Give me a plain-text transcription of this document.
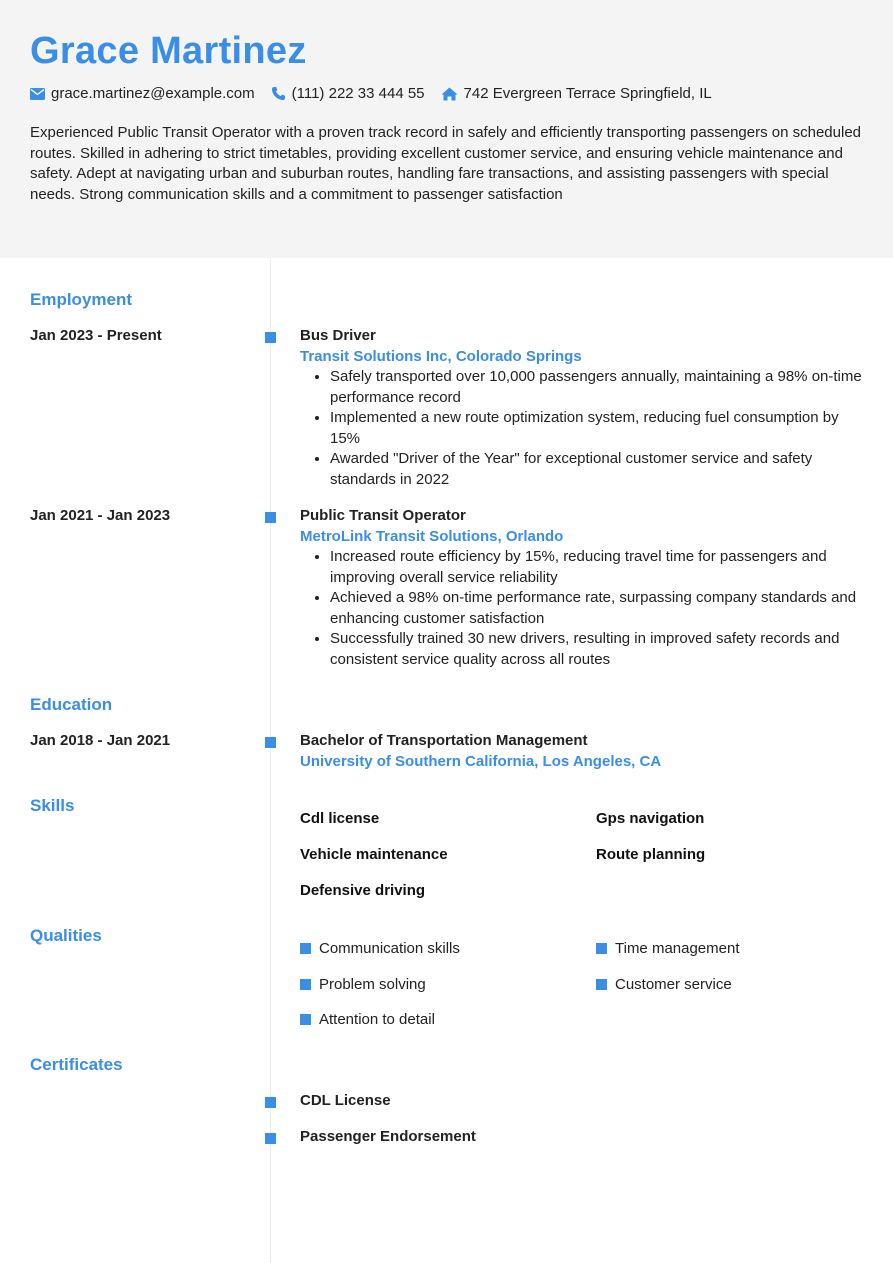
Grace Martinez
grace.martinez@example.com (111) 222 33 444 55	742 Evergreen Terrace Springfield, IL

Experienced Public Transit Operator with a proven track record in safely and efficiently transporting passengers on scheduled routes. Skilled in adhering to strict timetables, providing excellent customer service, and ensuring vehicle maintenance and safety. Adept at navigating urban and suburban routes, handling fare transactions, and assisting passengers with special needs. Strong communication skills and a commitment to passenger satisfaction

Employment
Jan 2023 - Present	Bus Driver
Transit Solutions Inc, Colorado Springs
• Safely transported over 10,000 passengers annually, maintaining a 98% on-time performance record
• Implemented a new route optimization system, reducing fuel consumption by 15%
• Awarded "Driver of the Year" for exceptional customer service and safety standards in 2022
Jan 2021 - Jan 2023	Public Transit Operator
MetroLink Transit Solutions, Orlando
• Increased route efficiency by 15%, reducing travel time for passengers and improving overall service reliability
• Achieved a 98% on-time performance rate, surpassing company standards and enhancing customer satisfaction
• Successfully trained 30 new drivers, resulting in improved safety records and consistent service quality across all routes
Education
Jan 2018 - Jan 2021	Bachelor of Transportation Management
University of Southern California, Los Angeles, CA
Skills
Cdl license	Gps navigation
Vehicle maintenance	Route planning
Defensive driving
Qualities
Communication skills	Time management
Problem solving	Customer service
Attention to detail
Certificates
CDL License
Passenger Endorsement
